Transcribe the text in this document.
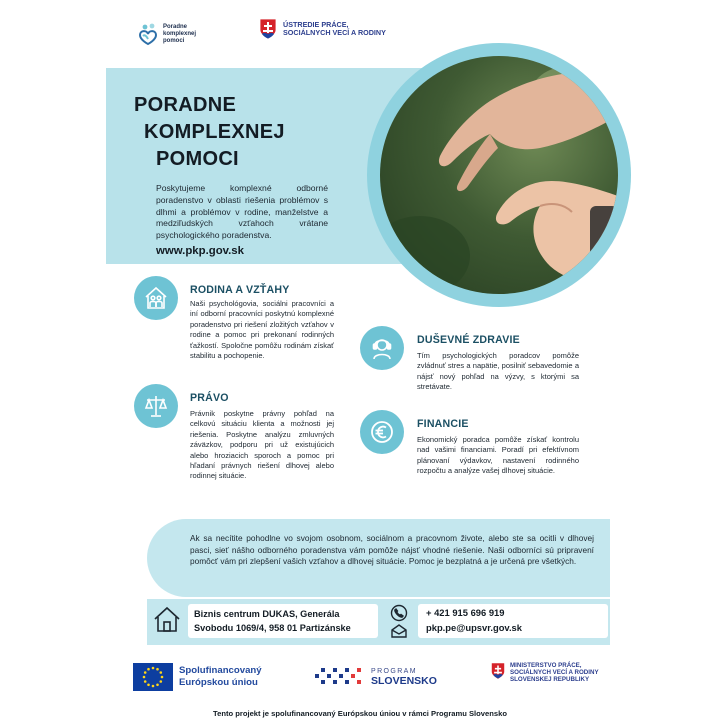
Poradne komplexnej pomoci
ÚSTREDIE PRÁCE, SOCIÁLNYCH VECÍ A RODINY
PORADNE
KOMPLEXNEJ
POMOCI
Poskytujeme komplexné odborné poradenstvo v oblasti riešenia problémov s dlhmi a problémov v rodine, manželstve a medziľudských vzťahoch vrátane psychologického poradenstva.
www.pkp.gov.sk
RODINA A VZŤAHY
Naši psychológovia, sociálni pracovníci a iní odborní pracovníci poskytnú komplexné poradenstvo pri riešení zložitých vzťahov v rodine a pomoc pri prekonaní rodinných ťažkostí. Spoločne pomôžu rodinám získať stabilitu a pochopenie.
PRÁVO
Právnik poskytne právny pohľad na celkovú situáciu klienta a možnosti jej riešenia. Poskytne analýzu zmluvných záväzkov, podporu pri už existujúcich alebo hroziacich sporoch a pomoc pri hľadaní právnych riešení dlhovej alebo rodinnej situácie.
DUŠEVNÉ ZDRAVIE
Tím psychologických poradcov pomôže zvládnuť stres a napätie, posilniť sebavedomie a nájsť nový pohľad na výzvy, s ktorými sa stretávate.
FINANCIE
Ekonomický poradca pomôže získať kontrolu nad vašimi financiami. Poradí pri efektívnom plánovaní výdavkov, nastavení rodinného rozpočtu a analýze vašej dlhovej situácie.
Ak sa necítite pohodlne vo svojom osobnom, sociálnom a pracovnom živote, alebo ste sa ocitli v dlhovej pasci, sieť nášho odborného poradenstva vám pomôže nájsť vhodné riešenie. Naši odborníci sú pripravení pomôcť vám pri zlepšení vašich vzťahov a dlhovej situácie. Pomoc je bezplatná a je určená pre všetkých.
Biznis centrum DUKAS, Generála
Svobodu 1069/4, 958 01 Partizánske
+ 421 915 696 919
pkp.pe@upsvr.gov.sk
Spolufinancovaný
Európskou úniou
PROGRAM
SLOVENSKO
MINISTERSTVO PRÁCE, SOCIÁLNYCH VECÍ A RODINY SLOVENSKEJ REPUBLIKY
Tento projekt je spolufinancovaný Európskou úniou v rámci Programu Slovensko
